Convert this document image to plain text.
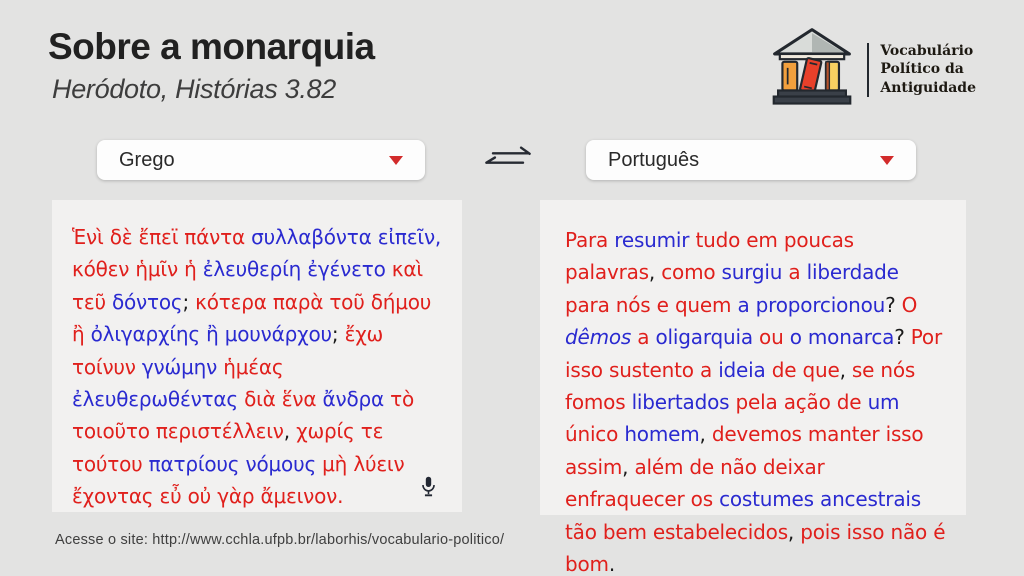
Sobre a monarquia
Heródoto, Histórias 3.82
Vocabulário
Político da
Antiguidade
Grego	Português

Ἑνὶ δὲ ἔπεϊ πάντα συλλαβόντα εἰπεῖν, κόθεν ἡμῖν ἡ ἐλευθερίη ἐγένετο καὶ τεῦ δόντος; κότερα παρὰ τοῦ δήμου ἢ ὀλιγαρχίης ἢ μουνάρχου; ἔχω τοίνυν γνώμην ἡμέας ἐλευθερωθέντας διὰ ἕνα ἄνδρα τὸ τοιοῦτο περιστέλλειν, χωρίς τε τούτου πατρίους νόμους μὴ λύειν ἔχοντας εὖ οὐ γὰρ ἄμεινον.

Para resumir tudo em poucas palavras, como surgiu a liberdade para nós e quem a proporcionou? O dêmos a oligarquia ou o monarca? Por isso sustento a ideia de que, se nós fomos libertados pela ação de um único homem, devemos manter isso assim, além de não deixar enfraquecer os costumes ancestrais tão bem estabelecidos, pois isso não é bom.

Acesse o site: http://www.cchla.ufpb.br/laborhis/vocabulario-politico/
